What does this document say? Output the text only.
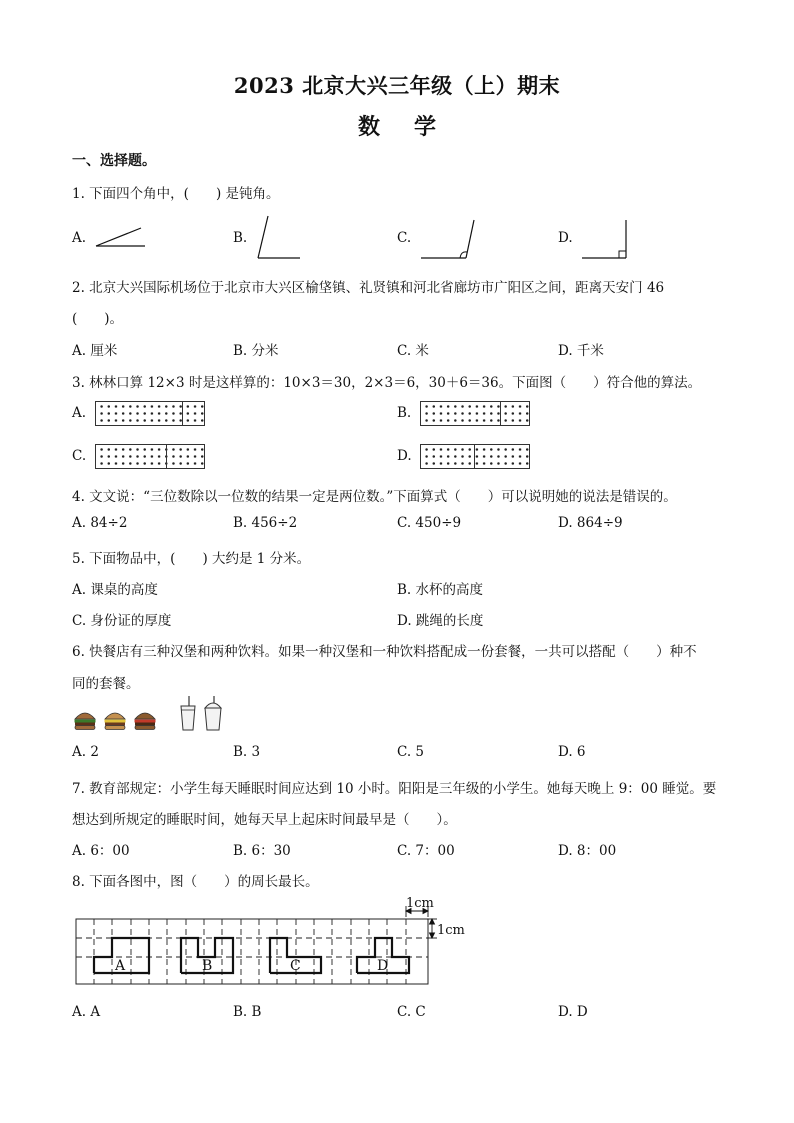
2023 北京大兴三年级（上）期末
数学
一、选择题。
1. 下面四个角中，(　　) 是钝角。
A.	B.	C.	D.
2. 北京大兴国际机场位于北京市大兴区榆垡镇、礼贤镇和河北省廊坊市广阳区之间，距离天安门 46
(　　)。
A. 厘米	B. 分米	C. 米	D. 千米
3. 林林口算 12×3 时是这样算的：10×3＝30，2×3＝6，30＋6＝36。下面图（　　）符合他的算法。
A.	B.
C.	D.
4. 文文说：“三位数除以一位数的结果一定是两位数。”下面算式（　　）可以说明她的说法是错误的。
A. 84÷2	B. 456÷2	C. 450÷9	D. 864÷9
5. 下面物品中，(　　) 大约是 1 分米。
A. 课桌的高度	B. 水杯的高度
C. 身份证的厚度	D. 跳绳的长度
6. 快餐店有三种汉堡和两种饮料。如果一种汉堡和一种饮料搭配成一份套餐，一共可以搭配（　　）种不
同的套餐。
A. 2	B. 3	C. 5	D. 6
7. 教育部规定：小学生每天睡眠时间应达到 10 小时。阳阳是三年级的小学生。她每天晚上 9：00 睡觉。要
想达到所规定的睡眠时间，她每天早上起床时间最早是（　　）。
A. 6：00	B. 6：30	C. 7：00	D. 8：00
8. 下面各图中，图（　　）的周长最长。
A	B	C	D
1cm
1cm
A. A	B. B	C. C	D. D
